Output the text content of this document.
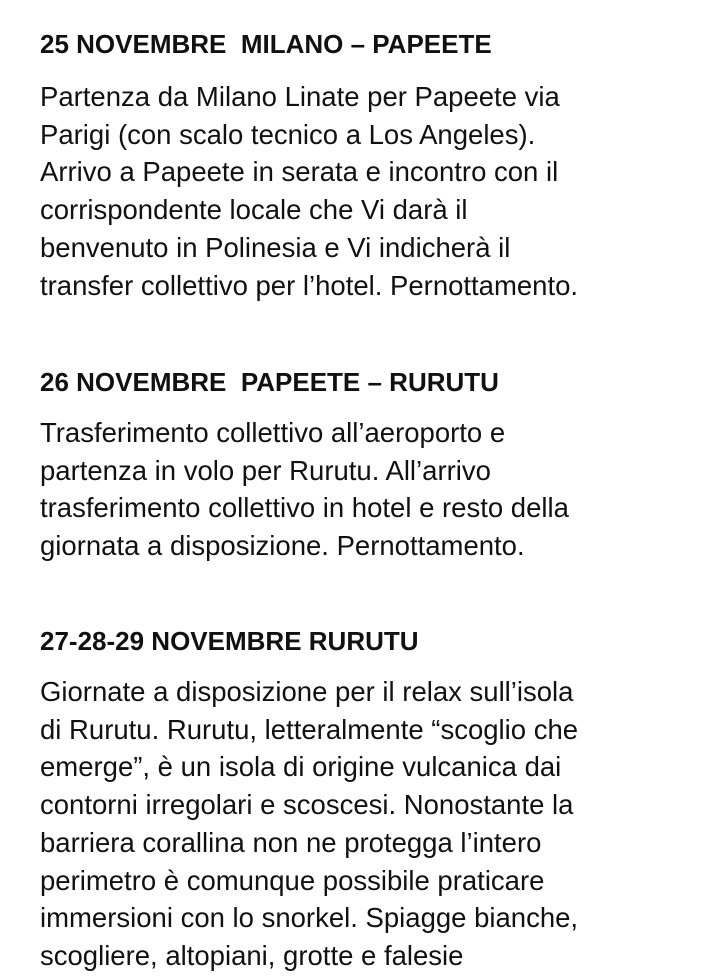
25 NOVEMBRE  MILANO – PAPEETE

Partenza da Milano Linate per Papeete via
Parigi (con scalo tecnico a Los Angeles).
Arrivo a Papeete in serata e incontro con il
corrispondente locale che Vi darà il
benvenuto in Polinesia e Vi indicherà il
transfer collettivo per l’hotel. Pernottamento.

26 NOVEMBRE  PAPEETE – RURUTU

Trasferimento collettivo all’aeroporto e
partenza in volo per Rurutu. All’arrivo
trasferimento collettivo in hotel e resto della
giornata a disposizione. Pernottamento.

27-28-29 NOVEMBRE RURUTU

Giornate a disposizione per il relax sull’isola
di Rurutu. Rurutu, letteralmente “scoglio che
emerge”, è un isola di origine vulcanica dai
contorni irregolari e scoscesi. Nonostante la
barriera corallina non ne protegga l’intero
perimetro è comunque possibile praticare
immersioni con lo snorkel. Spiagge bianche,
scogliere, altopiani, grotte e falesie
